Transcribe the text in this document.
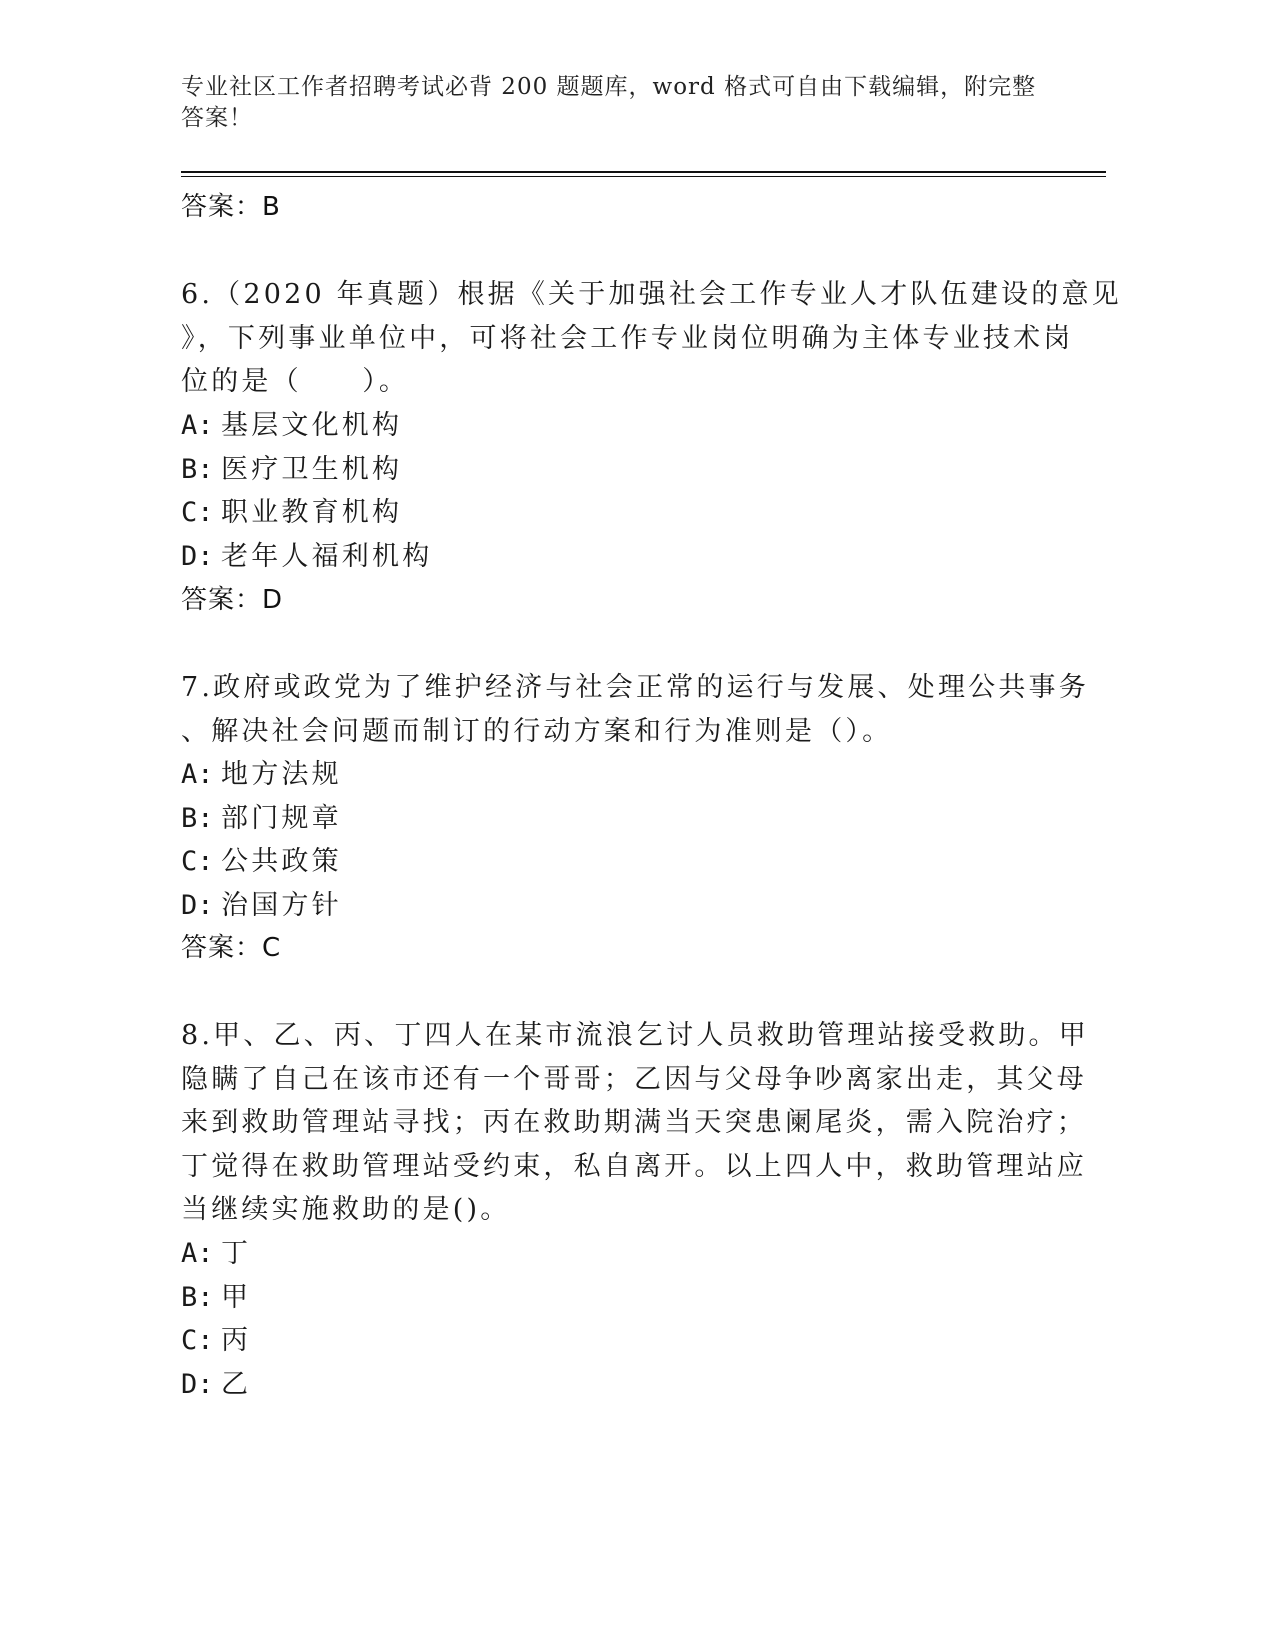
专业社区工作者招聘考试必背 200 题题库，word 格式可自由下载编辑，附完整答案！
答案：B
6.（2020 年真题）根据《关于加强社会工作专业人才队伍建设的意见
》，下列事业单位中，可将社会工作专业岗位明确为主体专业技术岗
位的是（　　）。
A: 基层文化机构
B: 医疗卫生机构
C: 职业教育机构
D: 老年人福利机构
答案：D
7.政府或政党为了维护经济与社会正常的运行与发展、处理公共事务
、解决社会问题而制订的行动方案和行为准则是（）。
A: 地方法规
B: 部门规章
C: 公共政策
D: 治国方针
答案：C
8.甲、乙、丙、丁四人在某市流浪乞讨人员救助管理站接受救助。甲
隐瞒了自己在该市还有一个哥哥；乙因与父母争吵离家出走，其父母
来到救助管理站寻找；丙在救助期满当天突患阑尾炎，需入院治疗；
丁觉得在救助管理站受约束，私自离开。以上四人中，救助管理站应
当继续实施救助的是()。
A: 丁
B: 甲
C: 丙
D: 乙
